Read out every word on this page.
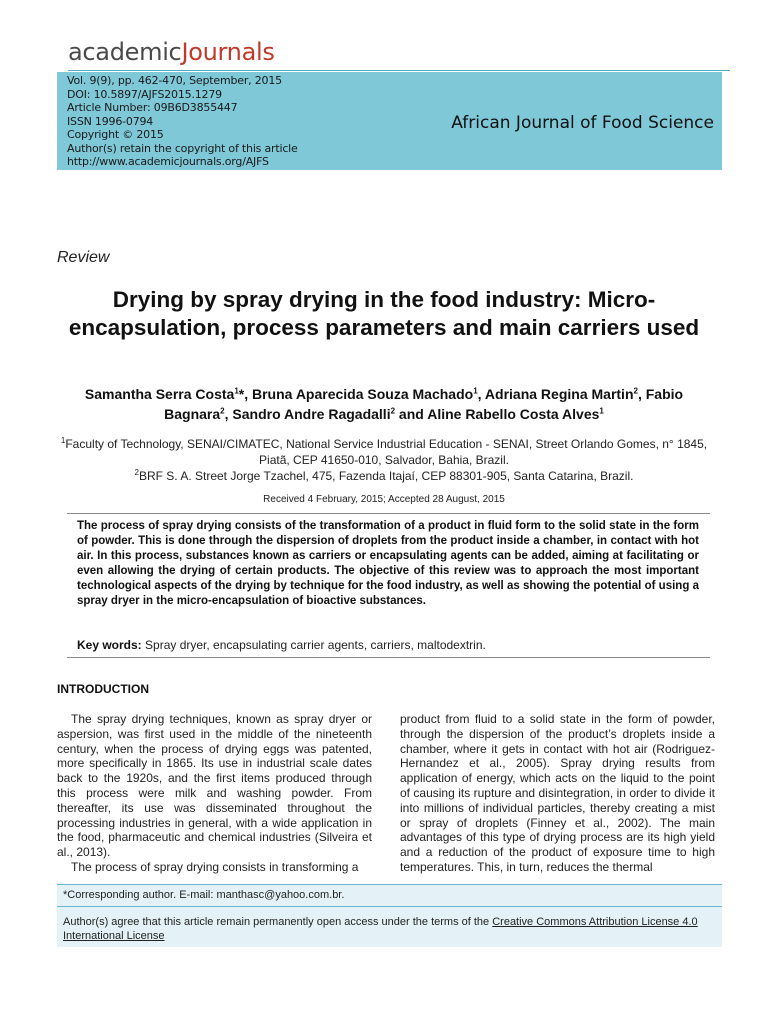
academicJournals
Vol. 9(9), pp. 462-470, September, 2015
DOI: 10.5897/AJFS2015.1279
Article Number: 09B6D3855447
ISSN 1996-0794
Copyright © 2015
Author(s) retain the copyright of this article
http://www.academicjournals.org/AJFS
African Journal of Food Science
Review
Drying by spray drying in the food industry: Micro-encapsulation, process parameters and main carriers used
Samantha Serra Costa$^1$*, Bruna Aparecida Souza Machado$^1$, Adriana Regina Martin$^2$, Fabio Bagnara$^2$, Sandro Andre Ragadalli$^2$ and Aline Rabello Costa Alves$^1$
$^1$Faculty of Technology, SENAI/CIMATEC, National Service Industrial Education - SENAI, Street Orlando Gomes, n° 1845, Piatã, CEP 41650-010, Salvador, Bahia, Brazil.
$^2$BRF S. A. Street Jorge Tzachel, 475, Fazenda Itajaí, CEP 88301-905, Santa Catarina, Brazil.
Received 4 February, 2015; Accepted 28 August, 2015
The process of spray drying consists of the transformation of a product in fluid form to the solid state in the form of powder. This is done through the dispersion of droplets from the product inside a chamber, in contact with hot air. In this process, substances known as carriers or encapsulating agents can be added, aiming at facilitating or even allowing the drying of certain products. The objective of this review was to approach the most important technological aspects of the drying by technique for the food industry, as well as showing the potential of using a spray dryer in the micro-encapsulation of bioactive substances.
Key words: Spray dryer, encapsulating carrier agents, carriers, maltodextrin.
INTRODUCTION

The spray drying techniques, known as spray dryer or aspersion, was first used in the middle of the nineteenth century, when the process of drying eggs was patented, more specifically in 1865. Its use in industrial scale dates back to the 1920s, and the first items produced through this process were milk and washing powder. From thereafter, its use was disseminated throughout the processing industries in general, with a wide application in the food, pharmaceutic and chemical industries (Silveira et al., 2013).

The process of spray drying consists in transforming a

product from fluid to a solid state in the form of powder, through the dispersion of the product’s droplets inside a chamber, where it gets in contact with hot air (Rodriguez-Hernandez et al., 2005). Spray drying results from application of energy, which acts on the liquid to the point of causing its rupture and disintegration, in order to divide it into millions of individual particles, thereby creating a mist or spray of droplets (Finney et al., 2002). The main advantages of this type of drying process are its high yield and a reduction of the product of exposure time to high temperatures. This, in turn, reduces the thermal

*Corresponding author. E-mail: manthasc@yahoo.com.br.
Author(s) agree that this article remain permanently open access under the terms of the Creative Commons Attribution License 4.0 International License
